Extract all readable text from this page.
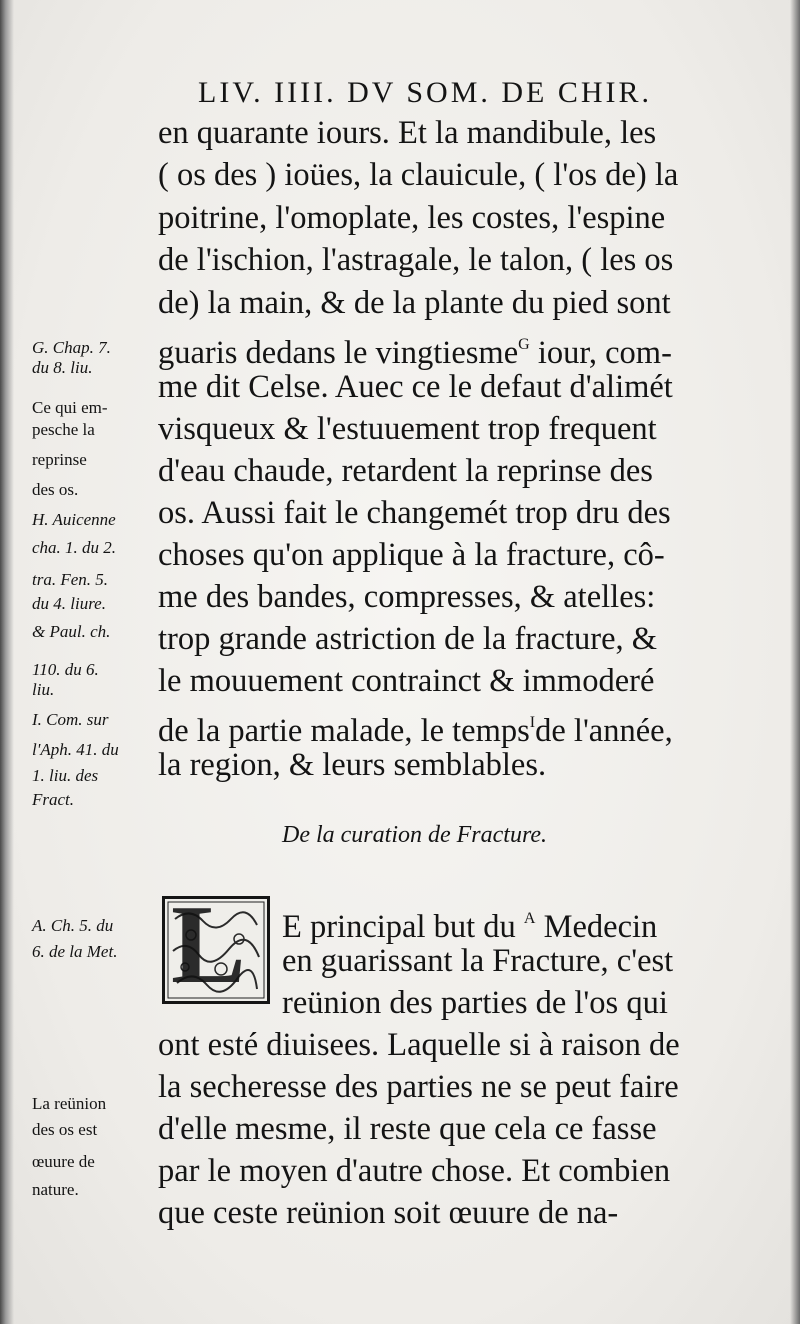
LIV. IIII. DV SOM. DE CHIR.
en quarante iours. Et la mandibule, les
( os des ) ioües, la clauicule, ( l'os de) la
poitrine, l'omoplate, les costes, l'espine
de l'ischion, l'astragale, le talon, ( les os
de) la main, & de la plante du pied sont
guaris dedans le vingtiesme$^G$ iour, com-
me dit Celse. Auec ce le defaut d'alimét
visqueux & l'estuuement trop frequent
d'eau chaude, retardent la reprinse des
os. Aussi fait le changemét trop dru des
choses qu'on applique à la fracture, cô-
me des bandes, compresses, & atelles:
trop grande astriction de la fracture, &
le mouuement contrainct & immoderé
de la partie malade, le temps$^I$de l'année,
la region, & leurs semblables.
De la curation de Fracture.
L E principal but du $^A$ Medecin
en guarissant la Fracture, c'est
reünion des parties de l'os qui
ont esté diuisees. Laquelle si à raison de
la secheresse des parties ne se peut faire
d'elle mesme, il reste que cela ce fasse
par le moyen d'autre chose. Et combien
que ceste reünion soit œuure de na-
G. Chap. 7.
du 8. liu.
Ce qui em-
pesche la
reprinse
des os.
H. Auicenne
cha. 1. du 2.
tra. Fen. 5.
du 4. liure.
& Paul. ch.
110. du 6.
liu.
I. Com. sur
l'Aph. 41. du
1. liu. des
Fract.
A. Ch. 5. du
6. de la Met.
La reünion
des os est
œuure de
nature.
